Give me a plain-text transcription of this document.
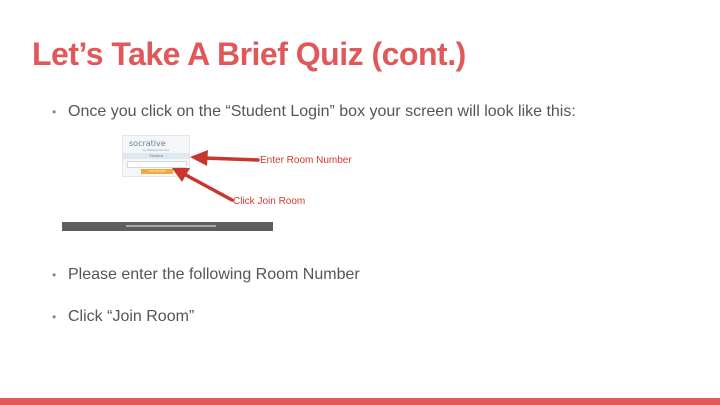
Let’s Take A Brief Quiz (cont.)
• Once you click on the “Student Login” box your screen will look like this:
socrative
by MasteryConnect
Student
JOIN ROOM
Enter Room Number
Click Join Room
• Please enter the following Room Number
• Click “Join Room”
